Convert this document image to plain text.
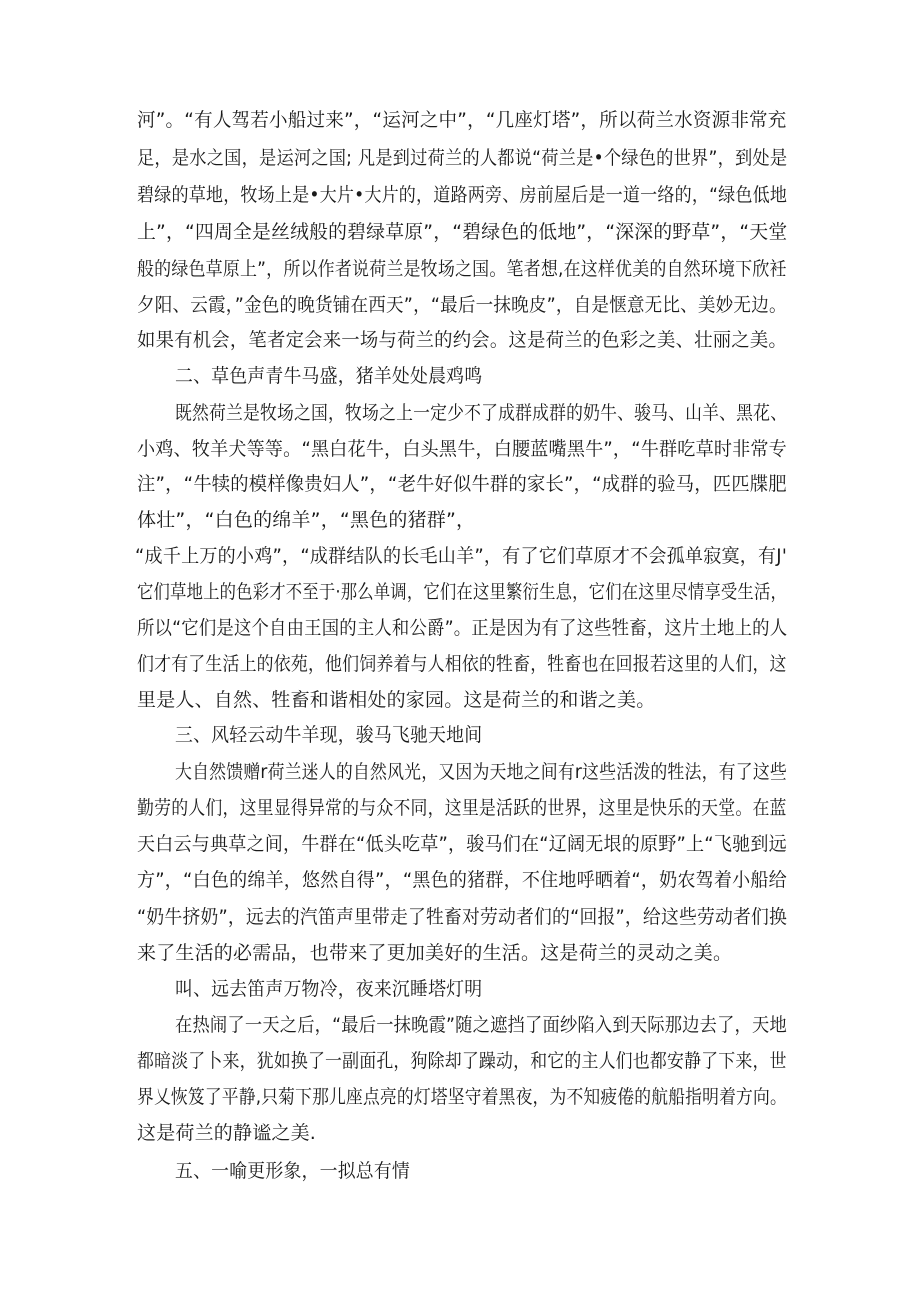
河”。“有人驾若小船过来”，“运河之中”，“几座灯塔”，所以荷兰水资源非常充
足，是水之国，是运河之国; 凡是到过荷兰的人都说“荷兰是•个绿色的世界”，到处是
碧绿的草地，牧场上是•大片•大片的，道路两旁、房前屋后是一道一络的，“绿色低地
上”，“四周全是丝绒般的碧绿草原”，“碧绿色的低地”，“深深的野草”，“天堂
般的绿色草原上”，所以作者说荷兰是牧场之国。笔者想,在这样优美的自然环境下欣衽
夕阳、云霞，”金色的晚货铺在西天”，“最后一抹晚皮”，自是惬意无比、美妙无边。
如果有机会，笔者定会来一场与荷兰的约会。这是荷兰的色彩之美、壮丽之美。
二、草色声青牛马盛，猪羊处处晨鸡鸣
既然荷兰是牧场之国，牧场之上一定少不了成群成群的奶牛、骏马、山羊、黑花、
小鸡、牧羊犬等等。“黑白花牛，白头黑牛，白腰蓝嘴黑牛”，“牛群吃草时非常专
注”，“牛犊的模样像贵妇人”，“老牛好似牛群的家长”，“成群的验马，匹匹牒肥
体壮”，“白色的绵羊”，“黑色的猪群”，
“成千上万的小鸡”，“成群结队的长毛山羊”，有了它们草原才不会孤单寂寞，有J'
它们草地上的色彩才不至于·那么单调，它们在这里繁衍生息，它们在这里尽情享受生活，
所以“它们是这个自由王国的主人和公爵”。正是因为有了这些牲畜，这片土地上的人
们才有了生活上的依苑，他们饲养着与人相依的牲畜，牲畜也在回报若这里的人们，这
里是人、自然、牲畜和谐相处的家园。这是荷兰的和谐之美。
三、风轻云动牛羊现，骏马飞驰天地间
大自然馈赠r荷兰迷人的自然风光，又因为天地之间有r这些活泼的牲法，有了这些
勤劳的人们，这里显得异常的与众不同，这里是活跃的世界，这里是快乐的天堂。在蓝
天白云与典草之间，牛群在“低头吃草”，骏马们在“辽阔无垠的原野”上“飞驰到远
方”，“白色的绵羊，悠然自得”，“黑色的猪群，不住地呼晒着“，奶农驾着小船给
“奶牛挤奶”，远去的汽笛声里带走了牲畜对劳动者们的“回报”，给这些劳动者们换
来了生活的必需品，也带来了更加美好的生活。这是荷兰的灵动之美。
叫、远去笛声万物冷，夜来沉睡塔灯明
在热闹了一天之后，“最后一抹晚霞”随之遮挡了面纱陷入到天际那边去了，天地
都暗淡了卜来，犹如换了一副面孔，狗除却了躁动，和它的主人们也都安静了下来，世
界乂恢笈了平静,只菊下那儿座点亮的灯塔坚守着黑夜，为不知疲倦的航船指明着方向。
这是荷兰的静谧之美.
五、一喻更形象，一拟总有情
